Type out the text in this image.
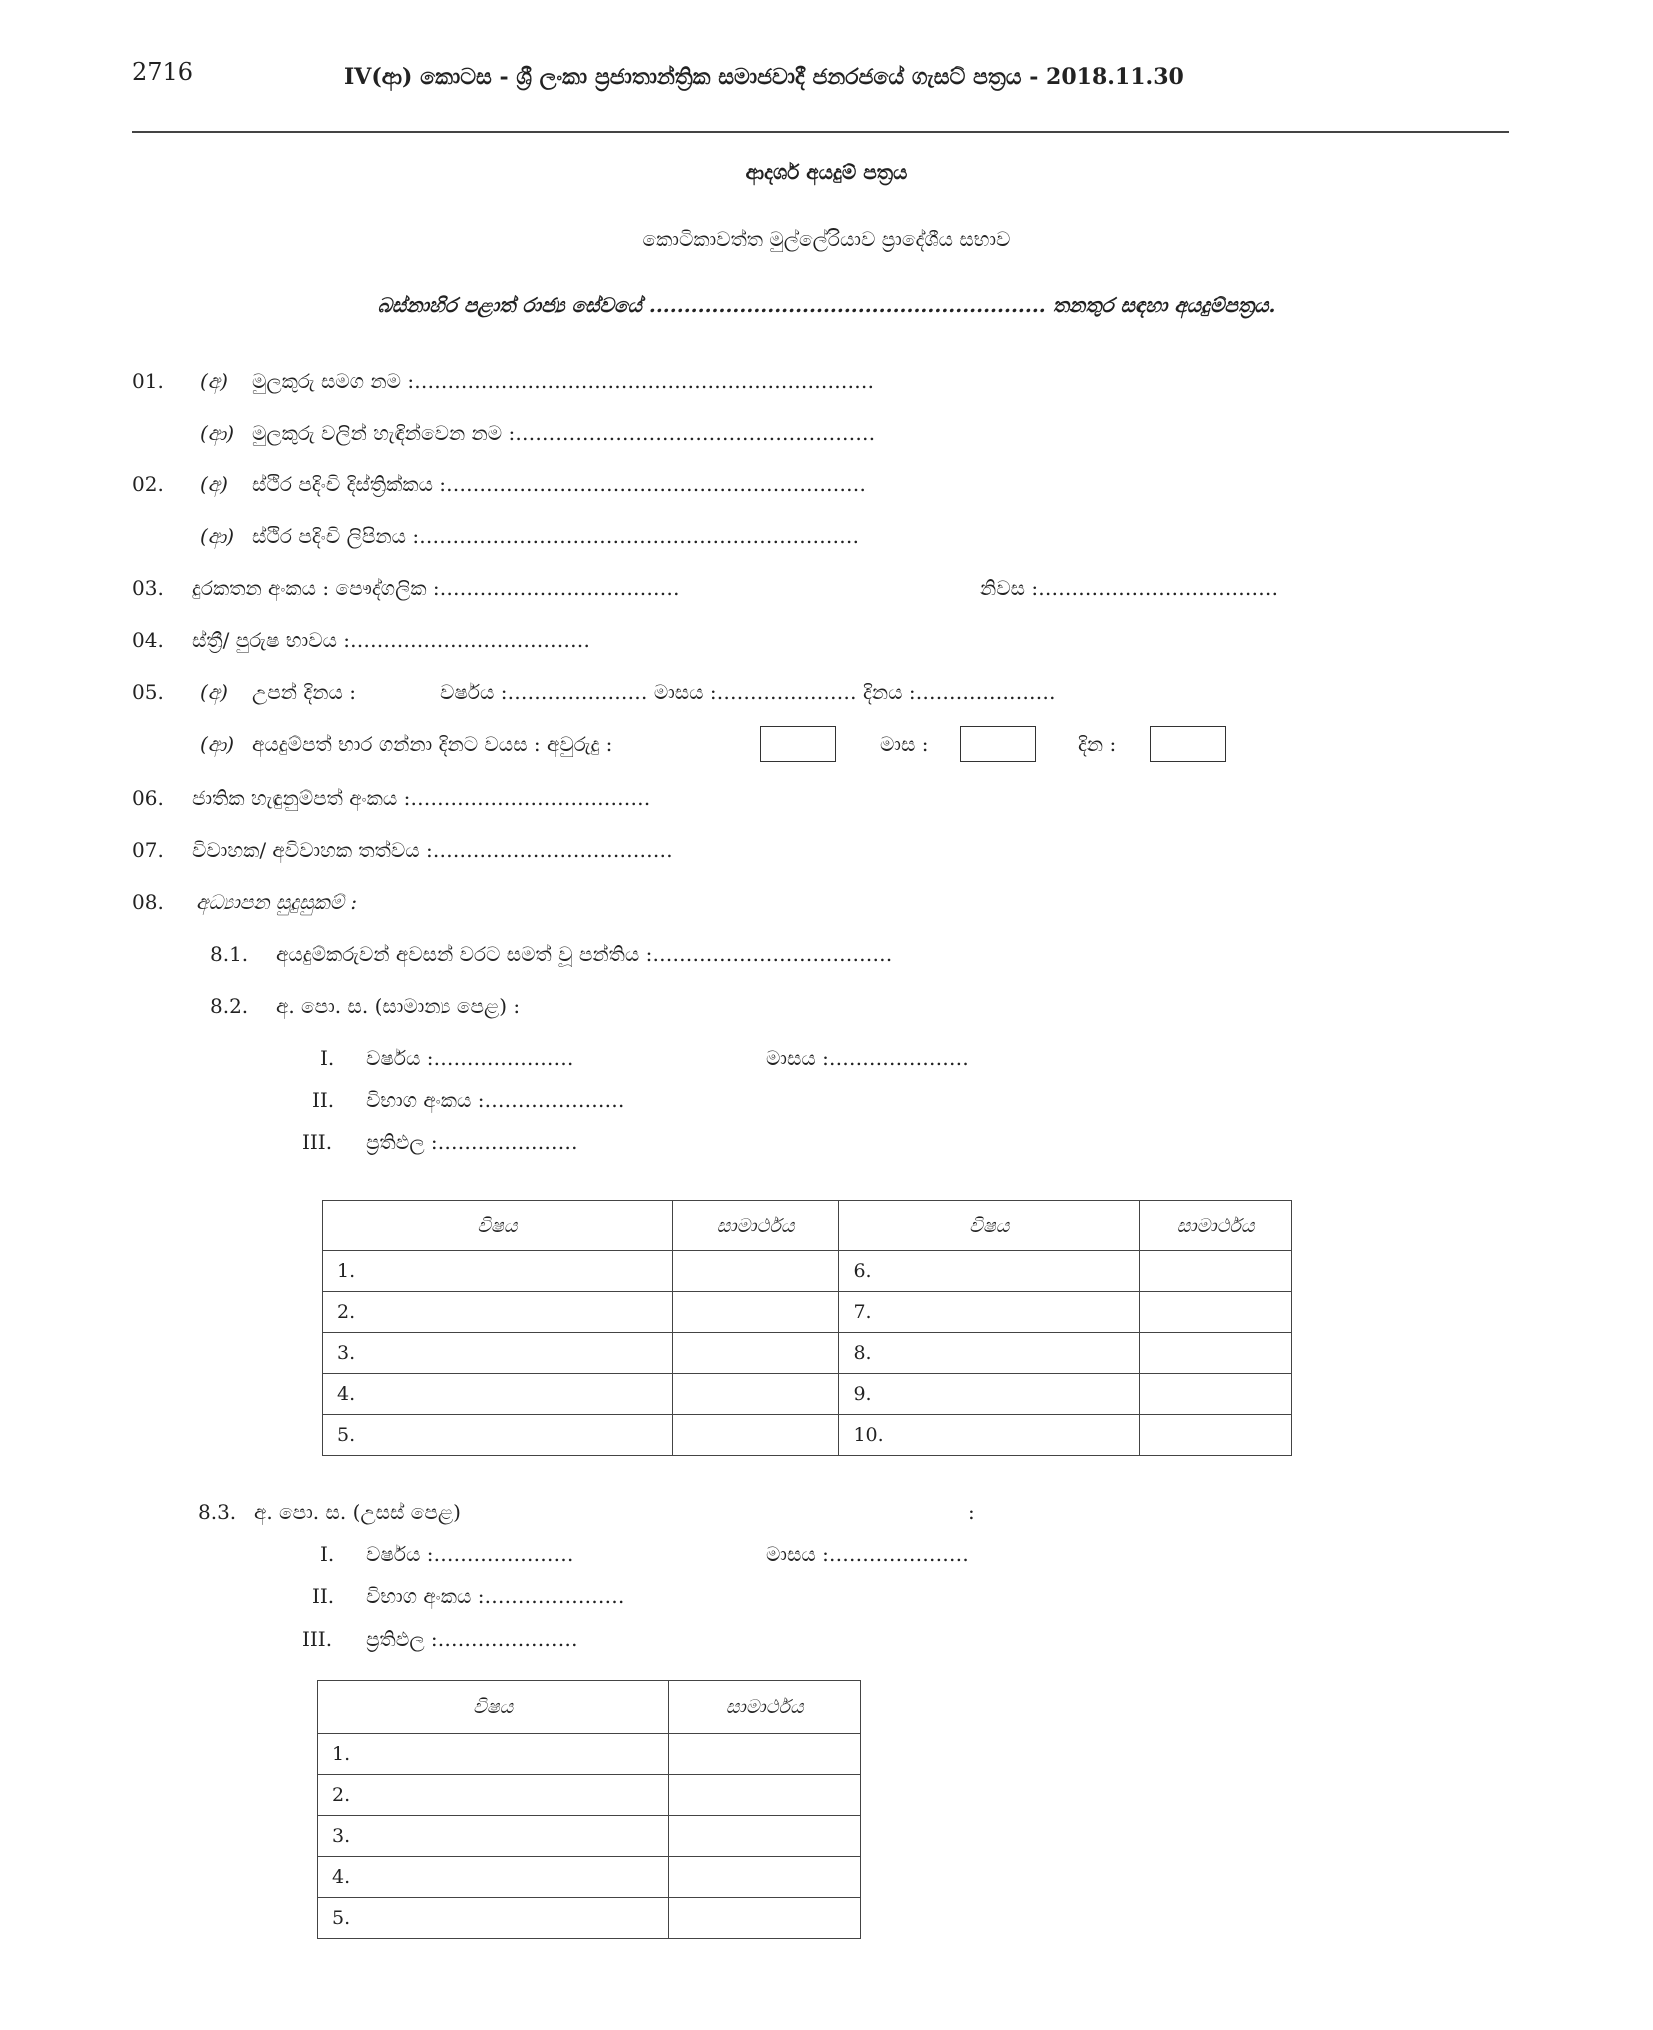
2716	IV(ආ) කොටස - ශ්‍රී ලංකා ප්‍රජාතාන්ත්‍රික සමාජවාදී ජනරජයේ ගැසට් පත්‍රය - 2018.11.30
ආදර්ශ අයදුම් පත්‍රය
කොටිකාවත්ත මුල්ලේරියාව ප්‍රාදේශීය සභාව
බස්නාහිර පළාත් රාජ්‍ය සේවයේ ......................................................... තනතුර සඳහා අයදුම්පත්‍රය.
01. (අ) මුලකුරු සමග නම :……………………………………………………………
(ආ) මුලකුරු වලින් හැඳින්වෙන නම :………………………………………………
02. (අ) ස්ථිර පදිංචි දිස්ත්‍රික්කය :………………………………………………………
(ආ) ස්ථිර පදිංචි ලිපිනය :…………………………………………………………
03. දුරකතන අංකය : පෞද්ගලික :………………………………	නිවස :………………………………
04. ස්ත්‍රී/ පුරුෂ භාවය :………………………………
05. (අ) උපන් දිනය :	වර්ෂය :………………… මාසය :………………… දිනය :…………………
(ආ) අයදුම්පත් භාර ගන්නා දිනට වයස : අවුරුදු :	මාස :	දින :
06. ජාතික හැඳුනුම්පත් අංකය :………………………………
07. විවාහක/ අවිවාහක තත්වය :………………………………
08. අධ්‍යාපන සුදුසුකම් :
8.1. අයදුම්කරුවන් අවසන් වරට සමත් වූ පන්තිය :………………………………
8.2. අ. පො. ස. (සාමාන්‍ය පෙළ) :
I. වර්ෂය :…………………	මාසය :…………………
II. විභාග අංකය :…………………
III. ප්‍රතිඵල :…………………
විෂය	සාමාර්ථය	විෂය	සාමාර්ථය
1.		6.	
2.		7.	
3.		8.	
4.		9.	
5.		10.	
8.3. අ. පො. ස. (උසස් පෙළ)	:
I. වර්ෂය :…………………	මාසය :…………………
II. විභාග අංකය :…………………
III. ප්‍රතිඵල :…………………
විෂය	සාමාර්ථය
1.	
2.	
3.	
4.	
5.	
